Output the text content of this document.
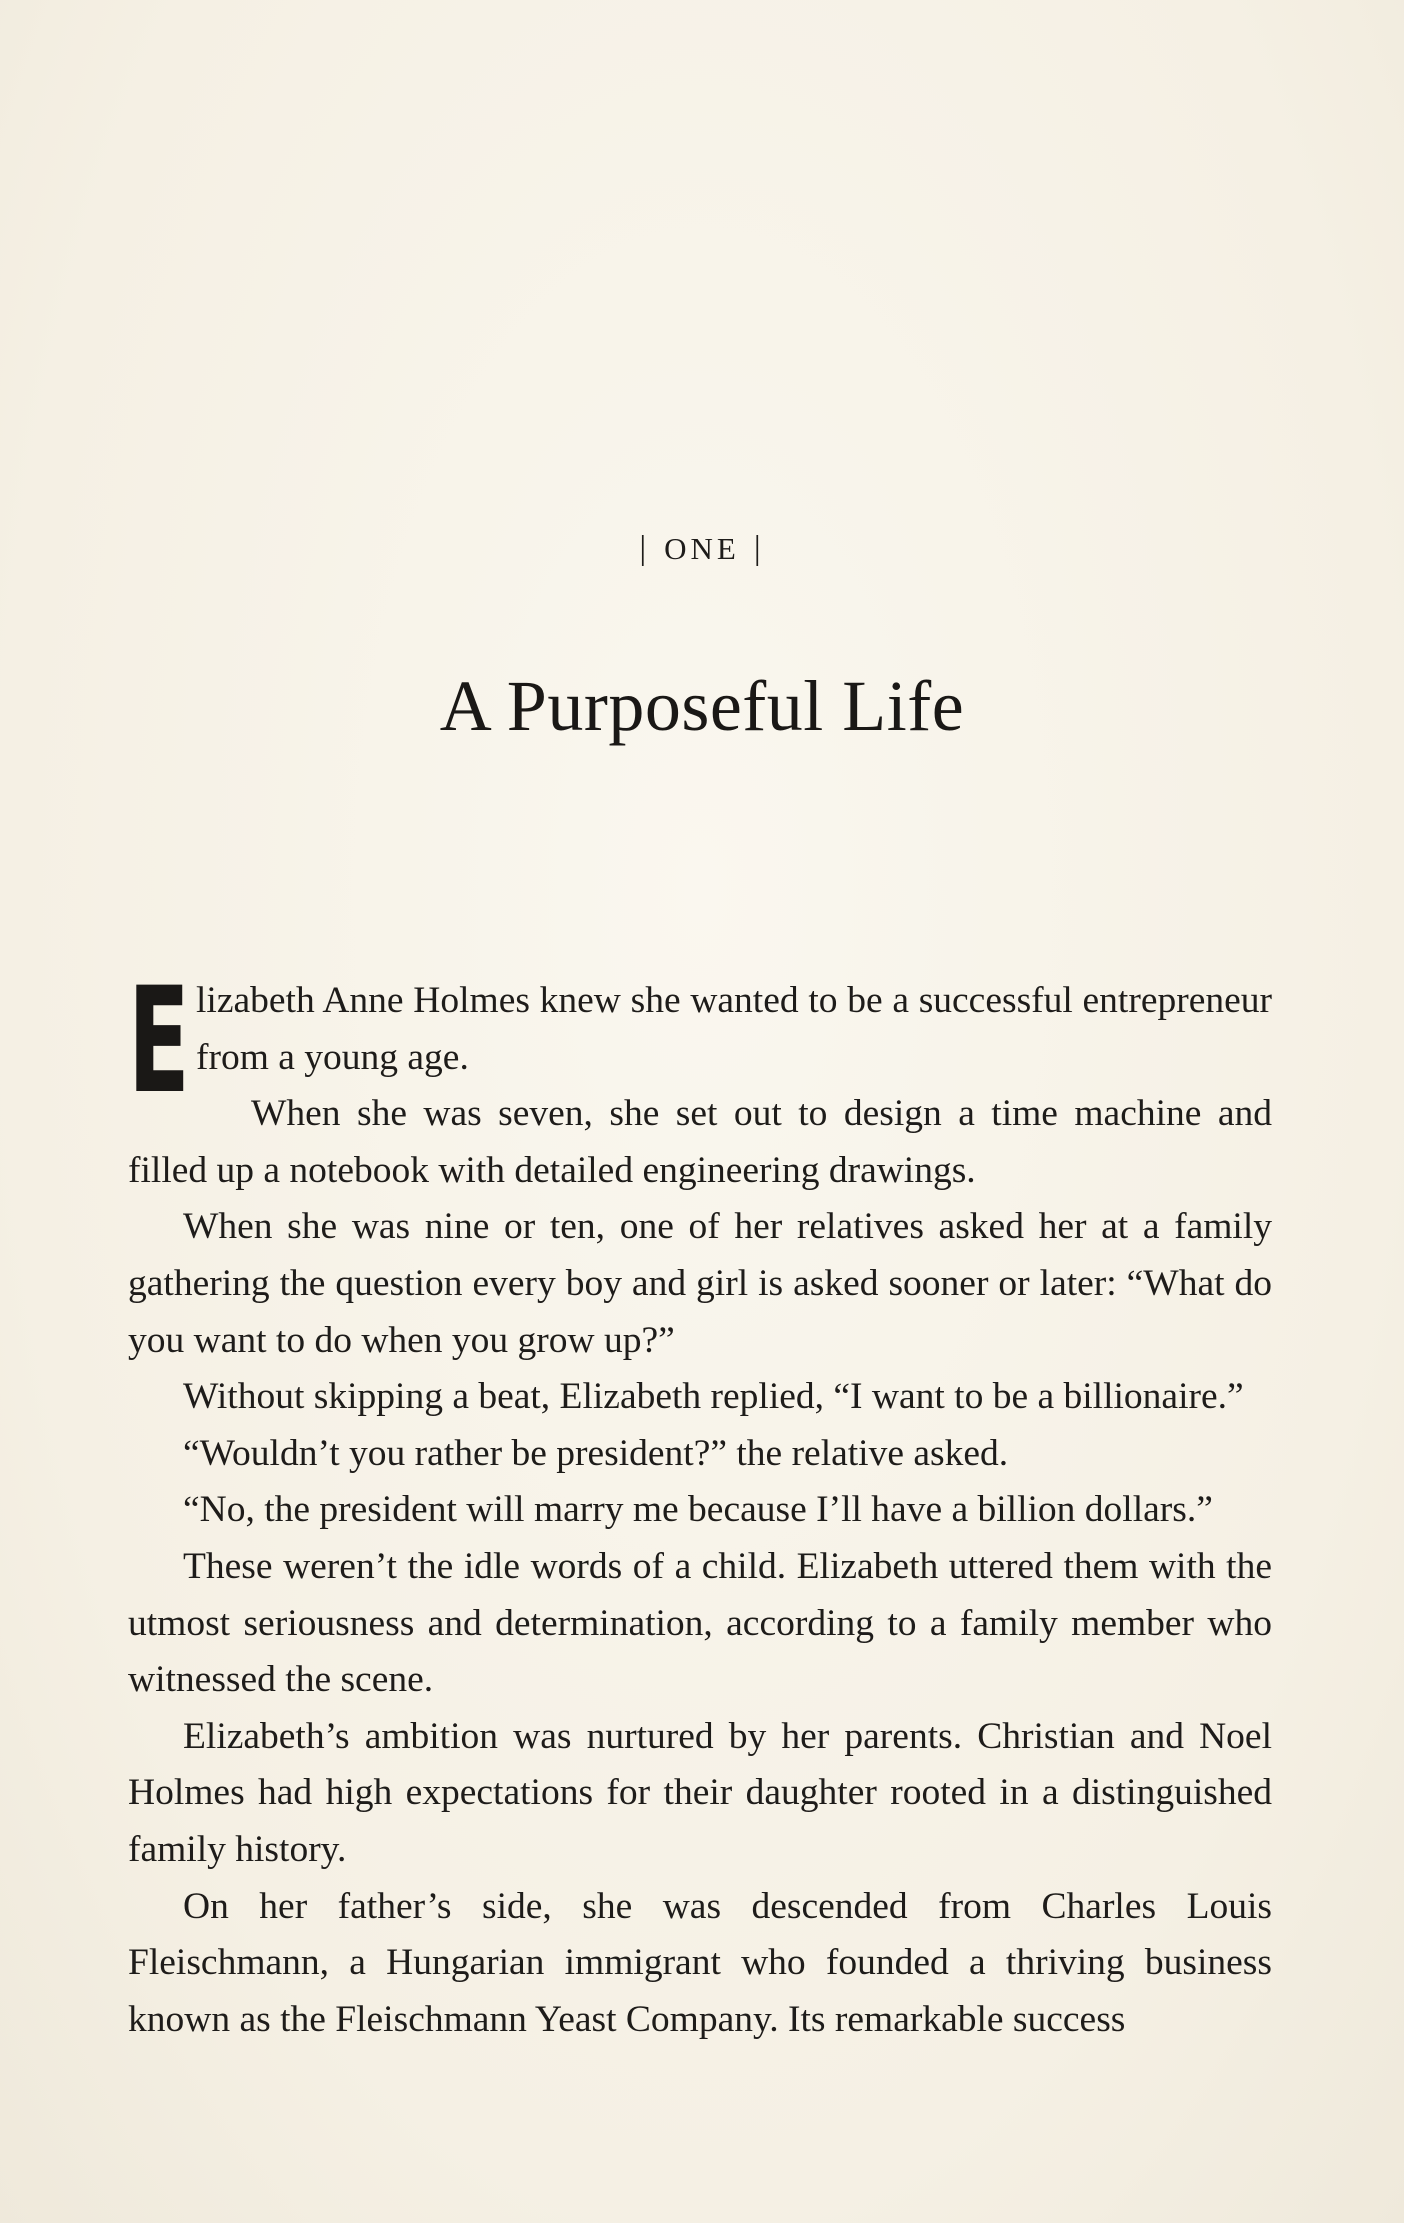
| ONE |
A Purposeful Life

Elizabeth Anne Holmes knew she wanted to be a successful entrepreneur from a young age.

When she was seven, she set out to design a time machine and filled up a notebook with detailed engineering drawings.

When she was nine or ten, one of her relatives asked her at a family gathering the question every boy and girl is asked sooner or later: “What do you want to do when you grow up?”

Without skipping a beat, Elizabeth replied, “I want to be a billionaire.”

“Wouldn’t you rather be president?” the relative asked.

“No, the president will marry me because I’ll have a billion dollars.”

These weren’t the idle words of a child. Elizabeth uttered them with the utmost seriousness and determination, according to a family member who witnessed the scene.

Elizabeth’s ambition was nurtured by her parents. Christian and Noel Holmes had high expectations for their daughter rooted in a distinguished family history.

On her father’s side, she was descended from Charles Louis Fleischmann, a Hungarian immigrant who founded a thriving business known as the Fleischmann Yeast Company. Its remarkable success
